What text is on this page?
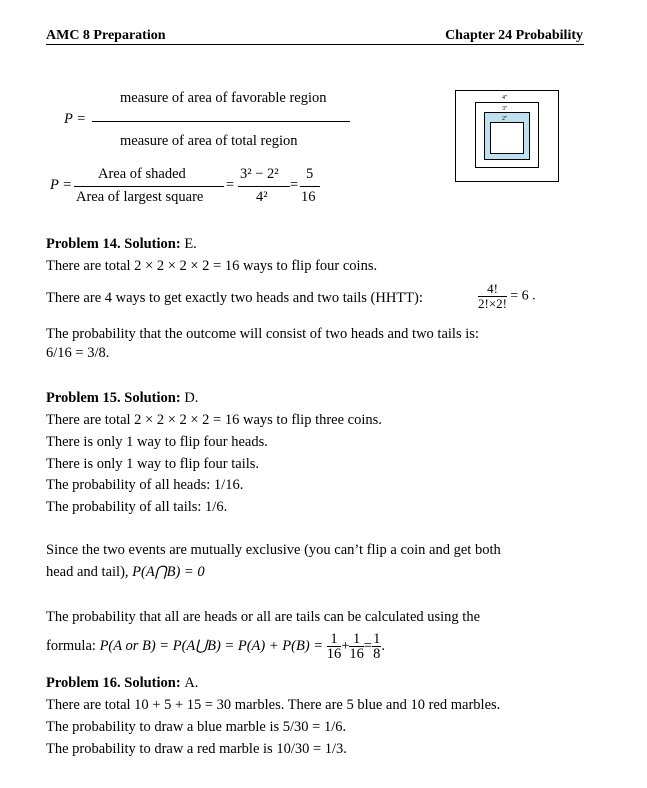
AMC 8 Preparation	Chapter 24 Probability
P =
measure of area of favorable region
measure of area of total region
P =
Area of shaded
Area of largest square
=
3² − 2²
4²
=
5
16
4"
3"
2"
Problem 14. Solution: E.
There are total 2 × 2 × 2 × 2 = 16 ways to flip four coins.
There are 4 ways to get exactly two heads and two tails (HHTT):	$\frac{4!}{2!\times 2!} = 6$ .
The probability that the outcome will consist of two heads and two tails is:
6/16 = 3/8.
Problem 15. Solution: D.
There are total 2 × 2 × 2 × 2 = 16 ways to flip three coins.
There is only 1 way to flip four heads.
There is only 1 way to flip four tails.
The probability of all heads: 1/16.
The probability of all tails: 1/6.
Since the two events are mutually exclusive (you can’t flip a coin and get both
head and tail), P(A⋂B) = 0
The probability that all are heads or all are tails can be calculated using the
formula: P(A or B) = P(A⋃B) = $P(A) + P(B) = \frac{1}{16} + \frac{1}{16} = \frac{1}{8}$ .
Problem 16. Solution: A.
There are total 10 + 5 + 15 = 30 marbles. There are 5 blue and 10 red marbles.
The probability to draw a blue marble is 5/30 = 1/6.
The probability to draw a red marble is 10/30 = 1/3.
